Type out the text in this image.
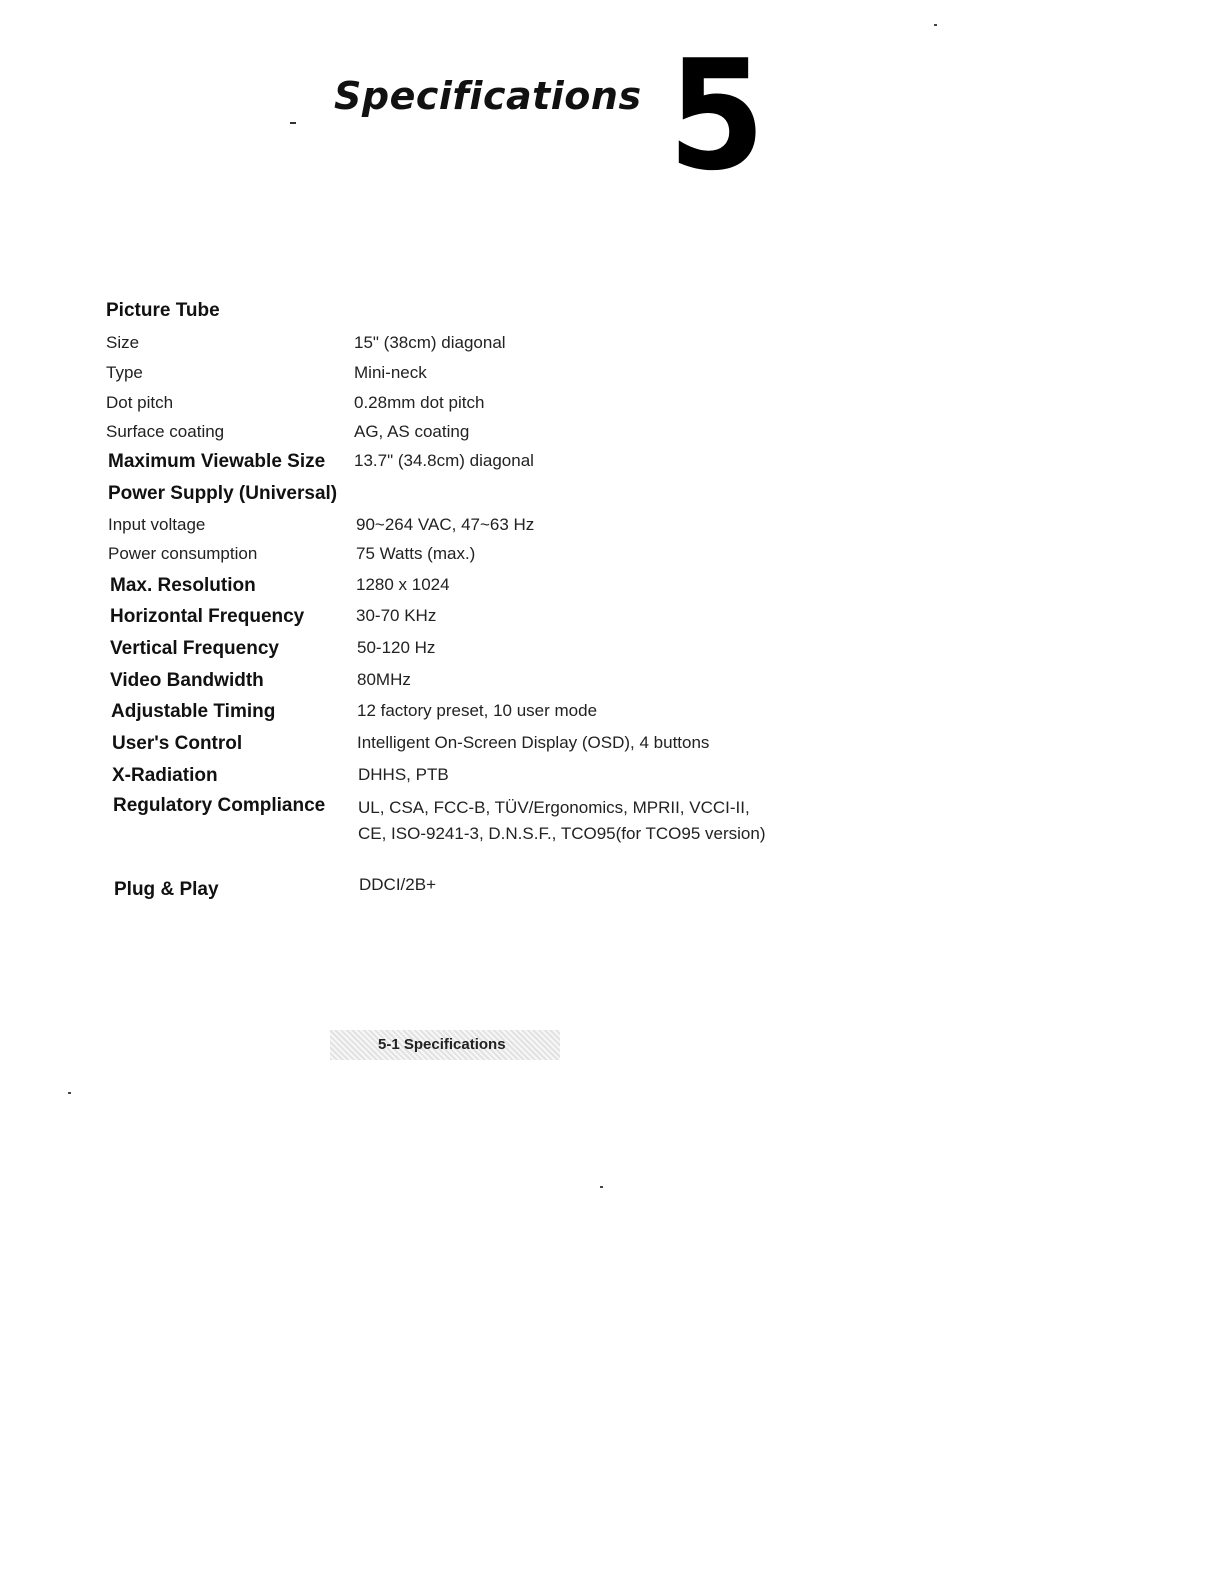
Specifications 5
Picture Tube
Size	15" (38cm) diagonal
Type	Mini-neck
Dot pitch	0.28mm dot pitch
Surface coating	AG, AS coating
Maximum Viewable Size 13.7" (34.8cm) diagonal
Power Supply (Universal)
Input voltage	90~264 VAC, 47~63 Hz
Power consumption	75 Watts (max.)
Max. Resolution	1280 x 1024
Horizontal Frequency	30-70 KHz
Vertical Frequency	50-120 Hz
Video Bandwidth	80MHz
Adjustable Timing	12 factory preset, 10 user mode
User's Control	Intelligent On-Screen Display (OSD), 4 buttons
X-Radiation	DHHS, PTB
Regulatory Compliance UL, CSA, FCC-B, TÜV/Ergonomics, MPRII, VCCI-II, CE, ISO-9241-3, D.N.S.F., TCO95(for TCO95 version)
Plug & Play	DDCI/2B+
5-1 Specifications
